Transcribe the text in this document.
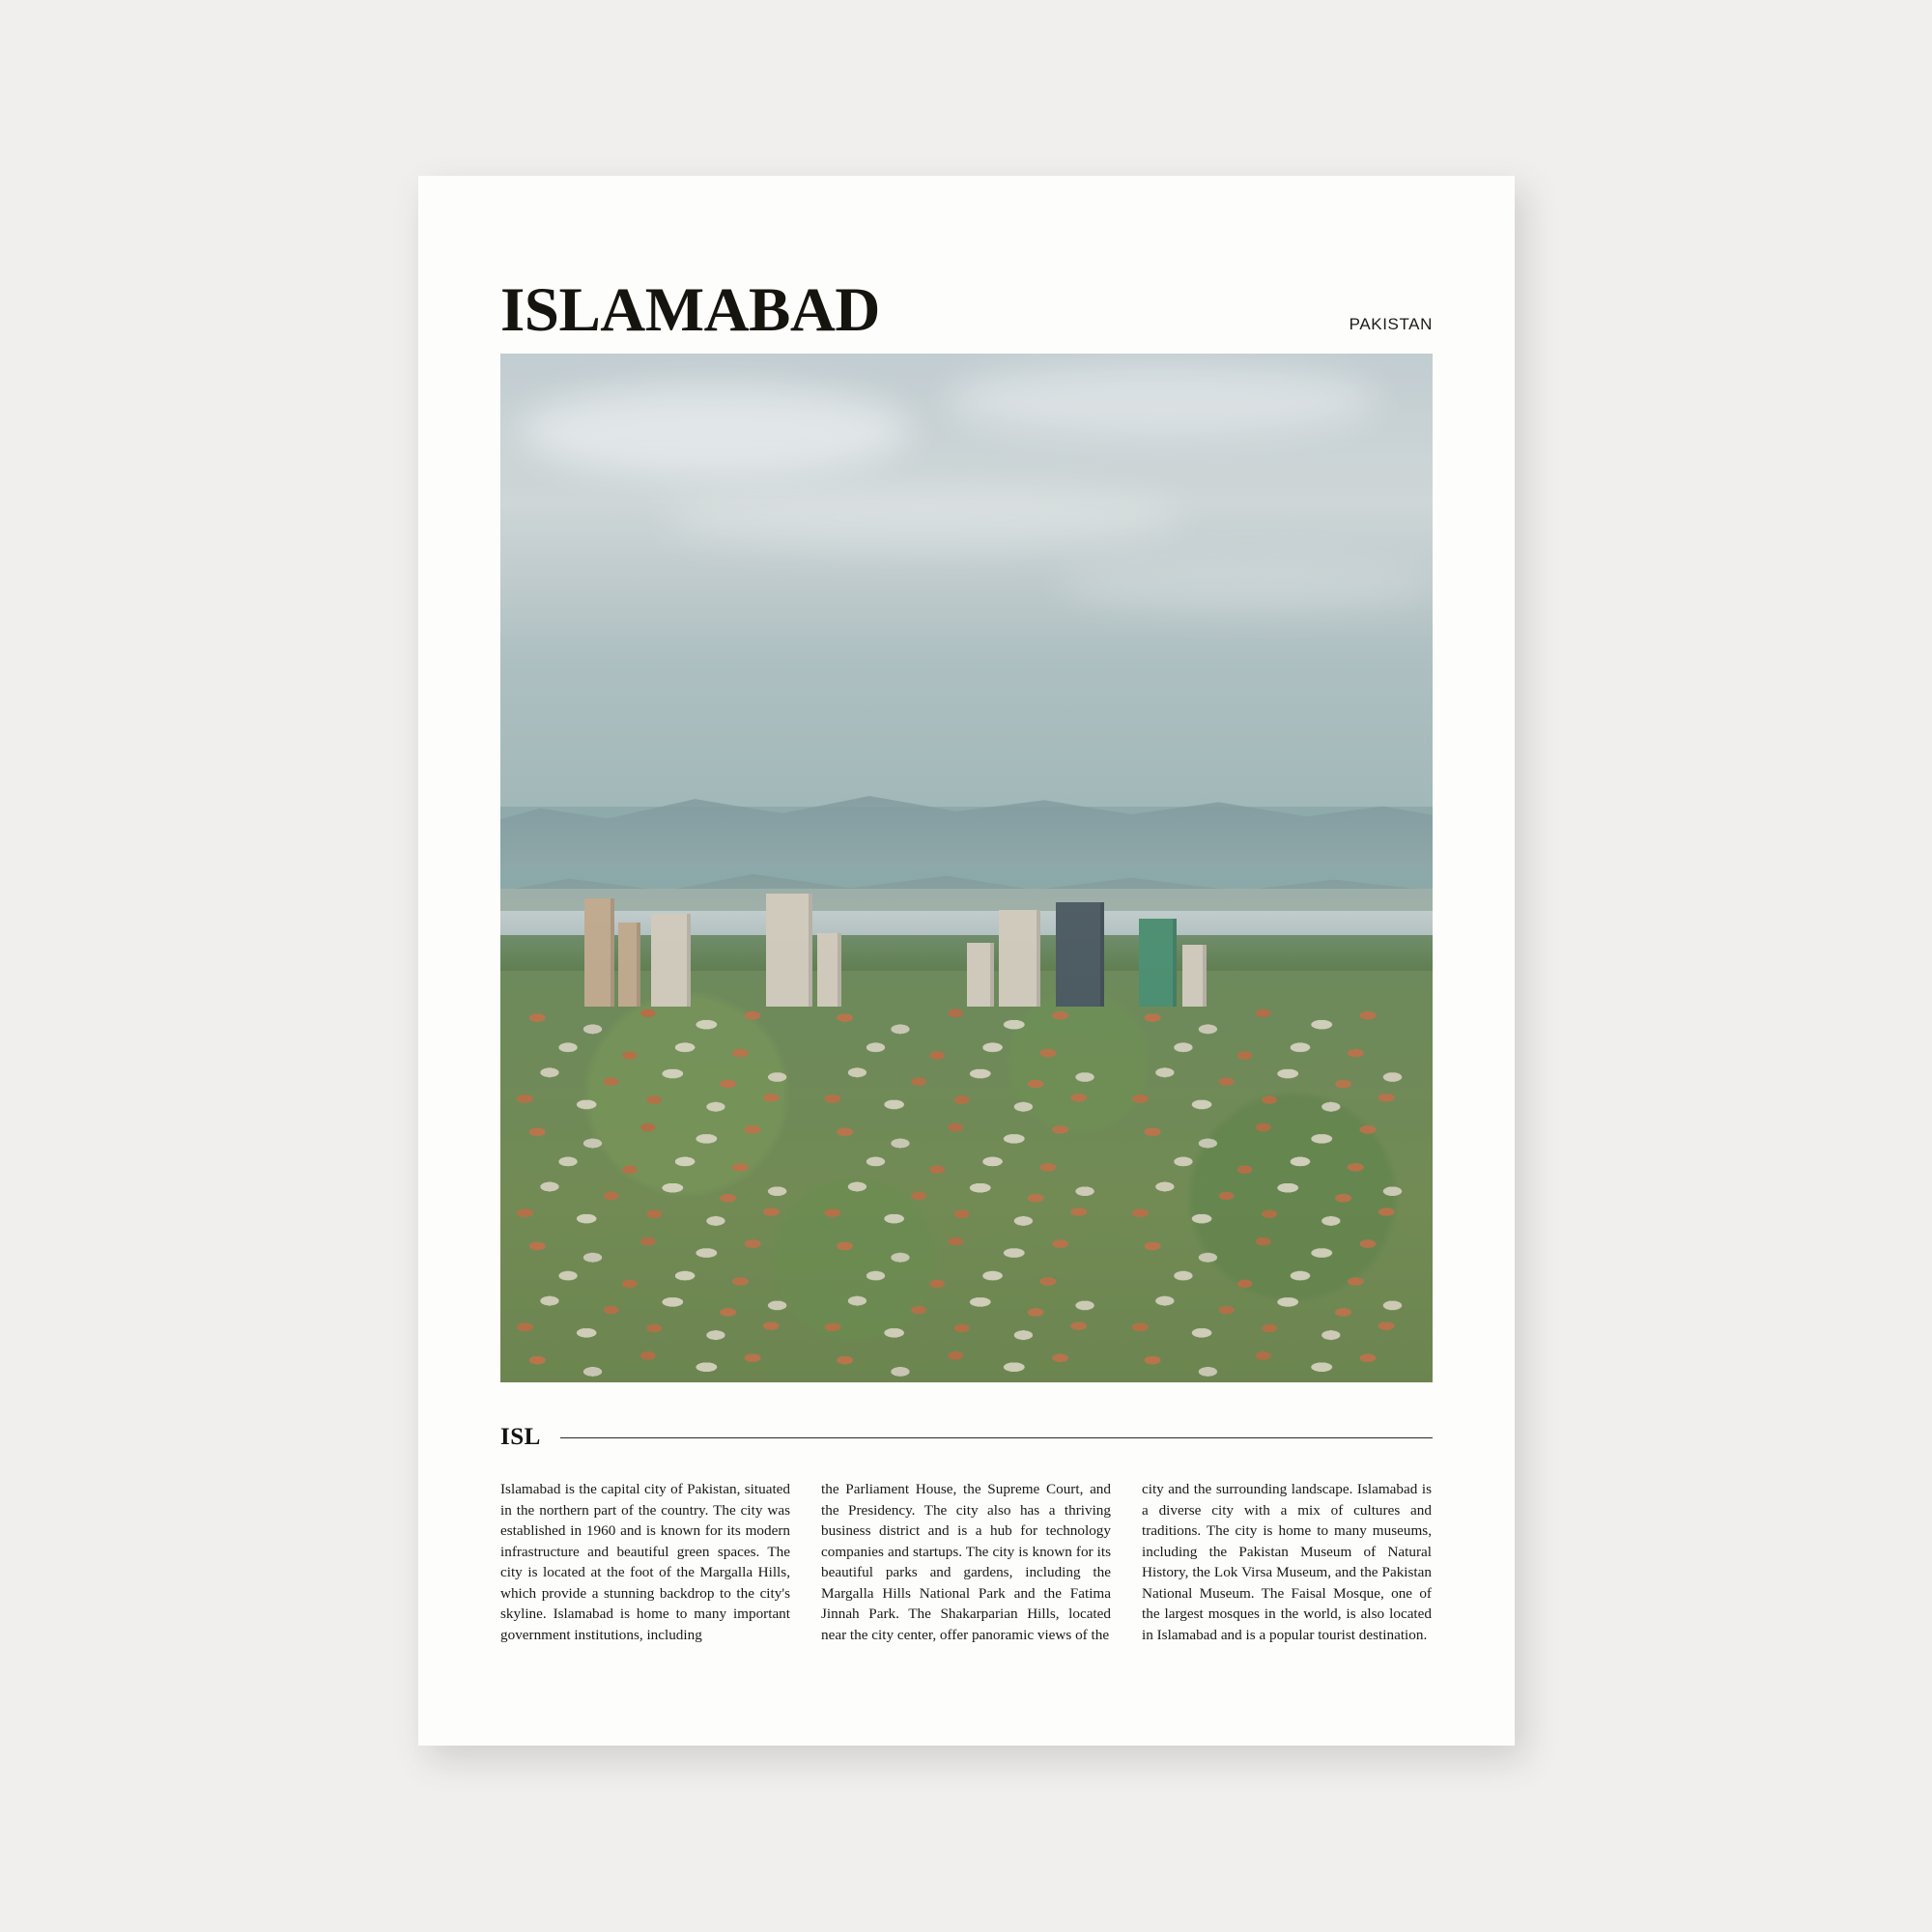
ISLAMABAD	PAKISTAN
ISL
Islamabad is the capital city of Pakistan, situated in the northern part of the country. The city was established in 1960 and is known for its modern infrastructure and beautiful green spaces. The city is located at the foot of the Margalla Hills, which provide a stunning backdrop to the city's skyline. Islamabad is home to many important government institutions, including
the Parliament House, the Supreme Court, and the Presidency. The city also has a thriving business district and is a hub for technology companies and startups. The city is known for its beautiful parks and gardens, including the Margalla Hills National Park and the Fatima Jinnah Park. The Shakarparian Hills, located near the city center, offer panoramic views of the
city and the surrounding landscape. Islamabad is a diverse city with a mix of cultures and traditions. The city is home to many museums, including the Pakistan Museum of Natural History, the Lok Virsa Museum, and the Pakistan National Museum. The Faisal Mosque, one of the largest mosques in the world, is also located in Islamabad and is a popular tourist destination.
